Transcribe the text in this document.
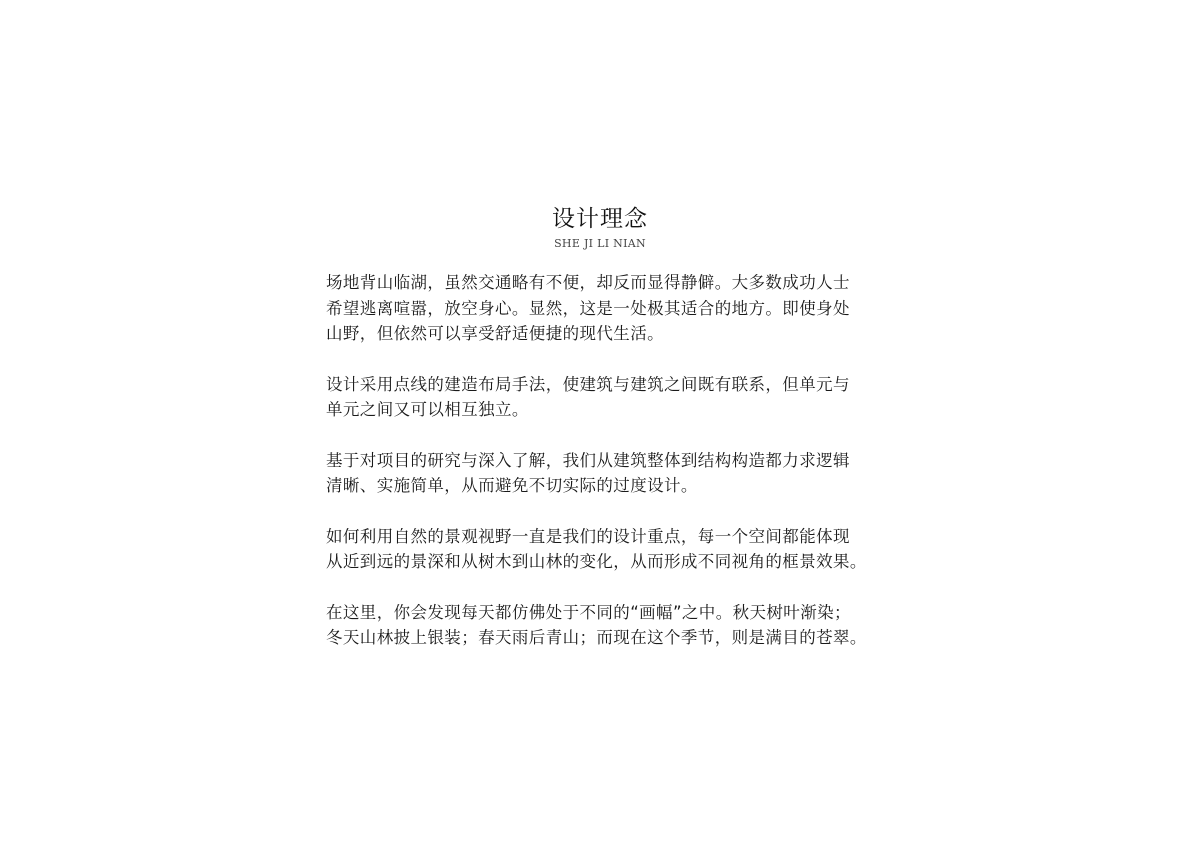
设计理念
SHE JI LI NIAN

场地背山临湖，虽然交通略有不便，却反而显得静僻。大多数成功人士
希望逃离喧嚣，放空身心。显然，这是一处极其适合的地方。即使身处
山野，但依然可以享受舒适便捷的现代生活。

设计采用点线的建造布局手法，使建筑与建筑之间既有联系，但单元与
单元之间又可以相互独立。

基于对项目的研究与深入了解，我们从建筑整体到结构构造都力求逻辑
清晰、实施简单，从而避免不切实际的过度设计。

如何利用自然的景观视野一直是我们的设计重点，每一个空间都能体现
从近到远的景深和从树木到山林的变化，从而形成不同视角的框景效果。

在这里，你会发现每天都仿佛处于不同的“画幅”之中。秋天树叶渐染；
冬天山林披上银装；春天雨后青山；而现在这个季节，则是满目的苍翠。
